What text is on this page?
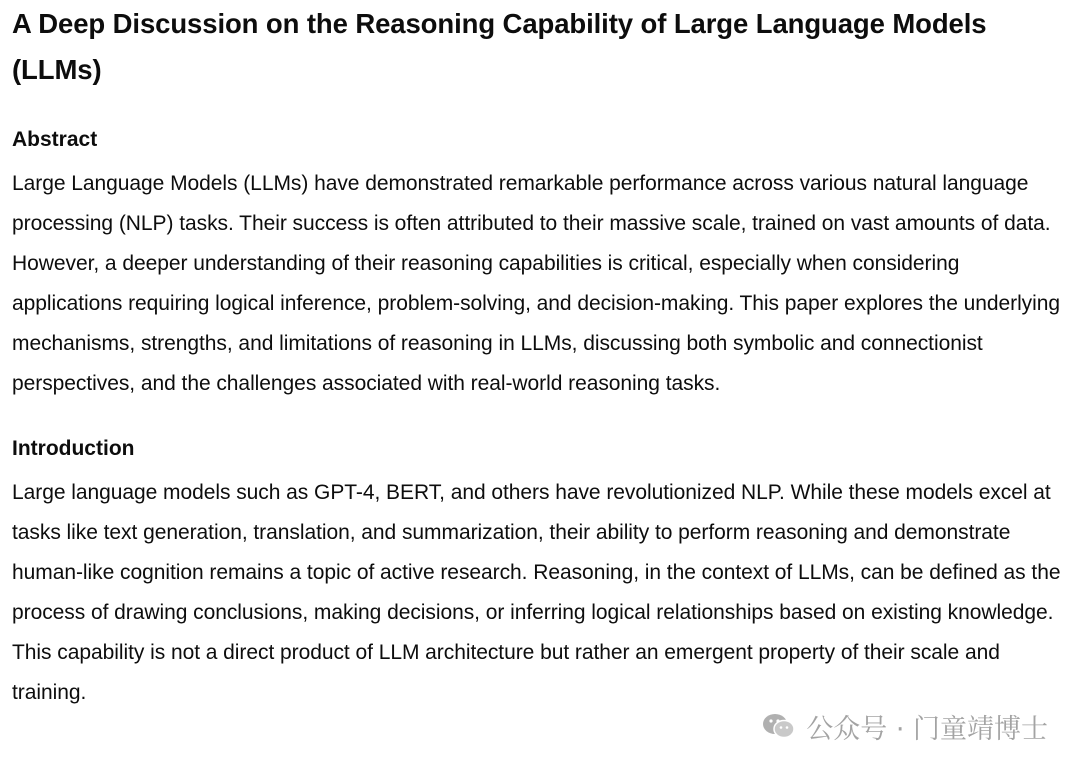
A Deep Discussion on the Reasoning Capability of Large Language Models (LLMs)
Abstract

Large Language Models (LLMs) have demonstrated remarkable performance across various natural language processing (NLP) tasks. Their success is often attributed to their massive scale, trained on vast amounts of data. However, a deeper understanding of their reasoning capabilities is critical, especially when considering applications requiring logical inference, problem-solving, and decision-making. This paper explores the underlying mechanisms, strengths, and limitations of reasoning in LLMs, discussing both symbolic and connectionist perspectives, and the challenges associated with real-world reasoning tasks.

Introduction

Large language models such as GPT-4, BERT, and others have revolutionized NLP. While these models excel at tasks like text generation, translation, and summarization, their ability to perform reasoning and demonstrate human-like cognition remains a topic of active research. Reasoning, in the context of LLMs, can be defined as the process of drawing conclusions, making decisions, or inferring logical relationships based on existing knowledge. This capability is not a direct product of LLM architecture but rather an emergent property of their scale and training.

公众号 · 门童靖博士
